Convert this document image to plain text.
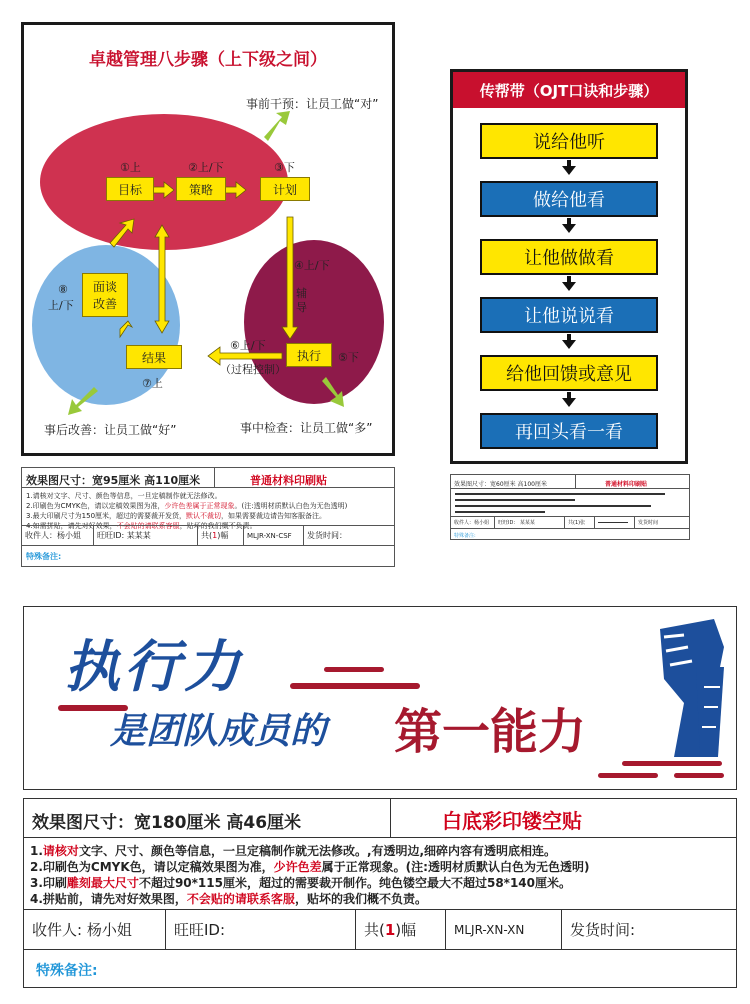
卓越管理八步骤（上下级之间）
事前干预：让员工做“对”
事后改善：让员工做“好”	事中检查：让员工做“多”
①上	②上/下	③下
目标	策略	计划
④上/下
辅
导
执行	⑤下
⑥上/下
（过程控制）
结果
⑦上
面谈
改善
⑧
上/下
效果图尺寸：宽95厘米 高110厘米	普通材料印刷贴
1.请核对文字、尺寸、颜色等信息，一旦定稿制作就无法修改。
2.印刷色为CMYK色，请以定稿效果图为准，少许色差属于正常现象。(注:透明材质默认白色为无色透明)
3.最大印刷尺寸为150厘米，超过的需要裁开发货，默认不裁切，如果需要裁边请告知客服备注。
4.如需拼贴，请先对好效果，不会贴的请联系客服，贴坏的我们概不负责。
收件人：杨小姐	旺旺ID: 某某某	共( 1 )幅	MLJR-XN-CSF	发货时间：
特殊备注:
传帮带（OJT口诀和步骤）
说给他听
做给他看
让他做做看
让他说说看
给他回馈或意见
再回头看一看
效果图尺寸：宽60厘米 高100厘米	普通材料印刷贴
收件人：杨小姐	旺旺ID： 某某某	共(1)张	发货时间
特殊备注:
执行力
是团队成员的 第一能力
效果图尺寸：宽180厘米 高46厘米	白底彩印镂空贴
1.请核对文字、尺寸、颜色等信息，一旦定稿制作就无法修改。,有透明边,细碎内容有透明底相连。
2.印刷色为CMYK色，请以定稿效果图为准，少许色差属于正常现象。(注:透明材质默认白色为无色透明)
3.印刷雕刻最大尺寸不超过90*115厘米，超过的需要裁开制作。纯色镂空最大不超过58*140厘米。
4.拼贴前，请先对好效果图，不会贴的请联系客服，贴坏的我们概不负责。
收件人: 杨小姐	旺旺ID:	共( 1 )幅	MLJR-XN-XN	发货时间:
特殊备注:
